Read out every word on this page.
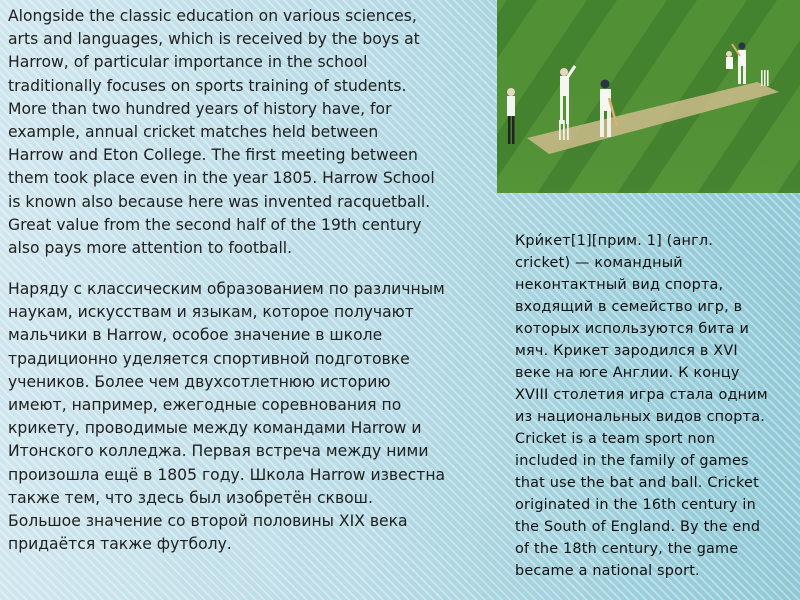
Alongside the classic education on various sciences,
arts and languages, which is received by the boys at
Harrow, of particular importance in the school
traditionally focuses on sports training of students.
More than two hundred years of history have, for
example, annual cricket matches held between
Harrow and Eton College. The first meeting between
them took place even in the year 1805. Harrow School
is known also because here was invented racquetball.
Great value from the second half of the 19th century
also pays more attention to football.

Наряду с классическим образованием по различным
наукам, искусствам и языкам, которое получают
мальчики в Harrow, особое значение в школе
традиционно уделяется спортивной подготовке
учеников. Более чем двухсотлетнюю историю
имеют, например, ежегодные соревнования по
крикету, проводимые между командами Harrow и
Итонского колледжа. Первая встреча между ними
произошла ещё в 1805 году. Школа Harrow известна
также тем, что здесь был изобретён сквош.
Большое значение со второй половины XIX века
придаётся также футболу.

Кри́кет[1][прим. 1] (англ.
cricket) — командный
неконтактный вид спорта,
входящий в семейство игр, в
которых используются бита и
мяч. Крикет зародился в XVI
веке на юге Англии. К концу
XVIII столетия игра стала одним
из национальных видов спорта.
Cricket is a team sport non
included in the family of games
that use the bat and ball. Cricket
originated in the 16th century in
the South of England. By the end
of the 18th century, the game
became a national sport.
